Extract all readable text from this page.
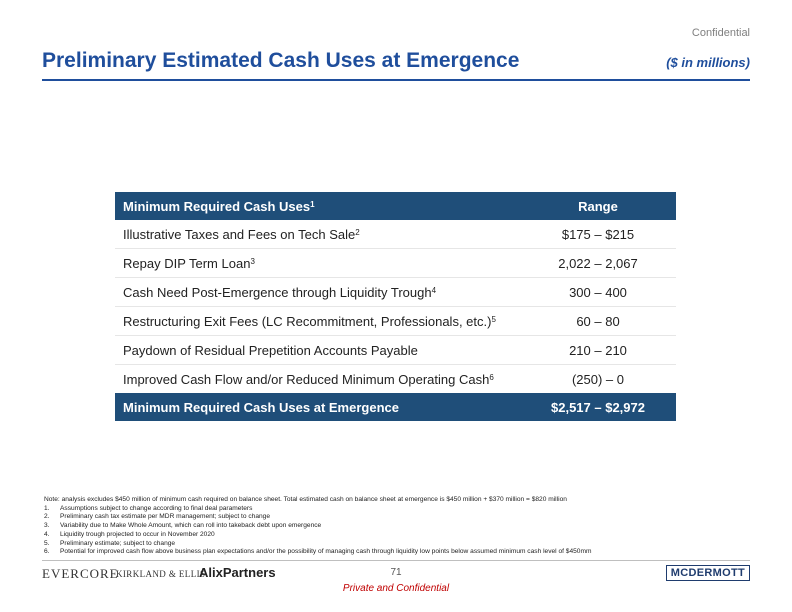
Confidential
Preliminary Estimated Cash Uses at Emergence	($ in millions)
Minimum Required Cash Uses$^1$	Range
Illustrative Taxes and Fees on Tech Sale$^2$	$175 – $215
Repay DIP Term Loan$^3$	2,022 – 2,067
Cash Need Post-Emergence through Liquidity Trough$^4$	300 – 400
Restructuring Exit Fees (LC Recommitment, Professionals, etc.)$^5$	60 – 80
Paydown of Residual Prepetition Accounts Payable	210 – 210
Improved Cash Flow and/or Reduced Minimum Operating Cash$^6$	(250) – 0
Minimum Required Cash Uses at Emergence	$2,517 – $2,972
Note: analysis excludes $450 million of minimum cash required on balance sheet. Total estimated cash on balance sheet at emergence is $450 million + $370 million = $820 million
1.	Assumptions subject to change according to final deal parameters
2.	Preliminary cash tax estimate per MDR management; subject to change
3.	Variability due to Make Whole Amount, which can roll into takeback debt upon emergence
4.	Liquidity trough projected to occur in November 2020
5.	Preliminary estimate; subject to change
6.	Potential for improved cash flow above business plan expectations and/or the possibility of managing cash through liquidity low points below assumed minimum cash level of $450mm
EVERCORE
KIRKLAND & ELLIS
AlixPartners	71
Private and Confidential
MCDERMOTT
